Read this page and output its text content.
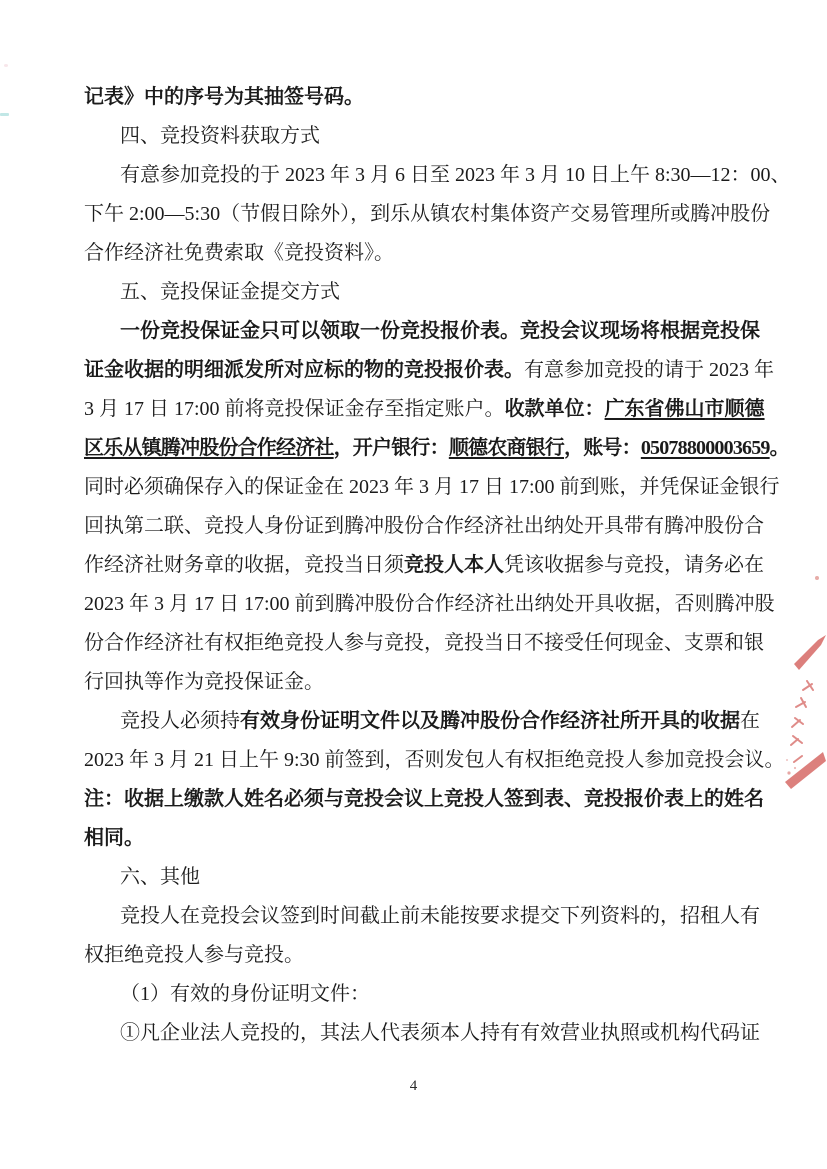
记表》中的序号为其抽签号码。
四、竞投资料获取方式
有意参加竞投的于 2023 年 3 月 6 日至 2023 年 3 月 10 日上午 8:30—12：00、
下午 2:00—5:30（节假日除外），到乐从镇农村集体资产交易管理所或腾冲股份
合作经济社免费索取《竞投资料》。
五、竞投保证金提交方式
一份竞投保证金只可以领取一份竞投报价表。竞投会议现场将根据竞投保
证金收据的明细派发所对应标的物的竞投报价表。有意参加竞投的请于 2023 年
3 月 17 日 17:00 前将竞投保证金存至指定账户。收款单位：广东省佛山市顺德
区乐从镇腾冲股份合作经济社，开户银行：顺德农商银行，账号：05078800003659。
同时必须确保存入的保证金在 2023 年 3 月 17 日 17:00 前到账，并凭保证金银行
回执第二联、竞投人身份证到腾冲股份合作经济社出纳处开具带有腾冲股份合
作经济社财务章的收据，竞投当日须竞投人本人凭该收据参与竞投，请务必在
2023 年 3 月 17 日 17:00 前到腾冲股份合作经济社出纳处开具收据，否则腾冲股
份合作经济社有权拒绝竞投人参与竞投，竞投当日不接受任何现金、支票和银
行回执等作为竞投保证金。
竞投人必须持有效身份证明文件以及腾冲股份合作经济社所开具的收据在
2023 年 3 月 21 日上午 9:30 前签到，否则发包人有权拒绝竞投人参加竞投会议。
注：收据上缴款人姓名必须与竞投会议上竞投人签到表、竞投报价表上的姓名
相同。
六、其他
竞投人在竞投会议签到时间截止前未能按要求提交下列资料的，招租人有
权拒绝竞投人参与竞投。
（1）有效的身份证明文件：
①凡企业法人竞投的，其法人代表须本人持有有效营业执照或机构代码证
4
